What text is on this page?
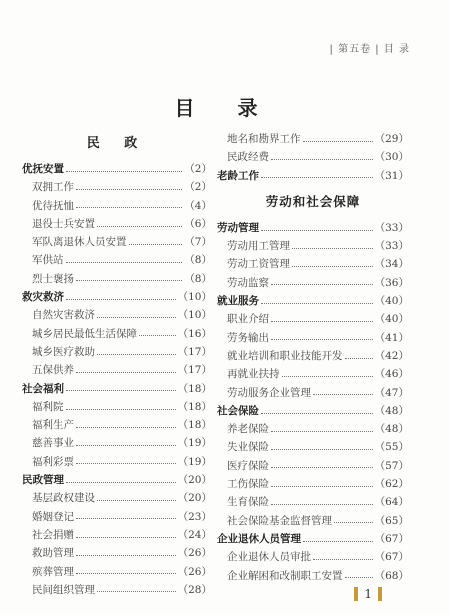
| 第五卷 | 目 录
目 录
民 政
优抚安置	（2）
双拥工作	（2）
优待抚恤	（4）
退役士兵安置	（6）
军队离退休人员安置	（7）
军供站	（8）
烈士褒扬	（8）
救灾救济	（10）
自然灾害救济	（10）
城乡居民最低生活保障	（16）
城乡医疗救助	（17）
五保供养	（17）
社会福利	（18）
福利院	（18）
福利生产	（18）
慈善事业	（19）
福利彩票	（19）
民政管理	（20）
基层政权建设	（20）
婚姻登记	（23）
社会捐赠	（24）
救助管理	（26）
殡葬管理	（26）
民间组织管理	（28）
地名和勘界工作	（29）
民政经费	（30）
老龄工作	（31）
劳动和社会保障
劳动管理	（33）
劳动用工管理	（33）
劳动工资管理	（34）
劳动监察	（36）
就业服务	（40）
职业介绍	（40）
劳务输出	（41）
就业培训和职业技能开发	（42）
再就业扶持	（46）
劳动服务企业管理	（47）
社会保险	（48）
养老保险	（48）
失业保险	（55）
医疗保险	（57）
工伤保险	（62）
生育保险	（64）
社会保险基金监督管理	（65）
企业退休人员管理	（67）
企业退休人员审批	（67）
企业解困和改制职工安置	（68）
1
